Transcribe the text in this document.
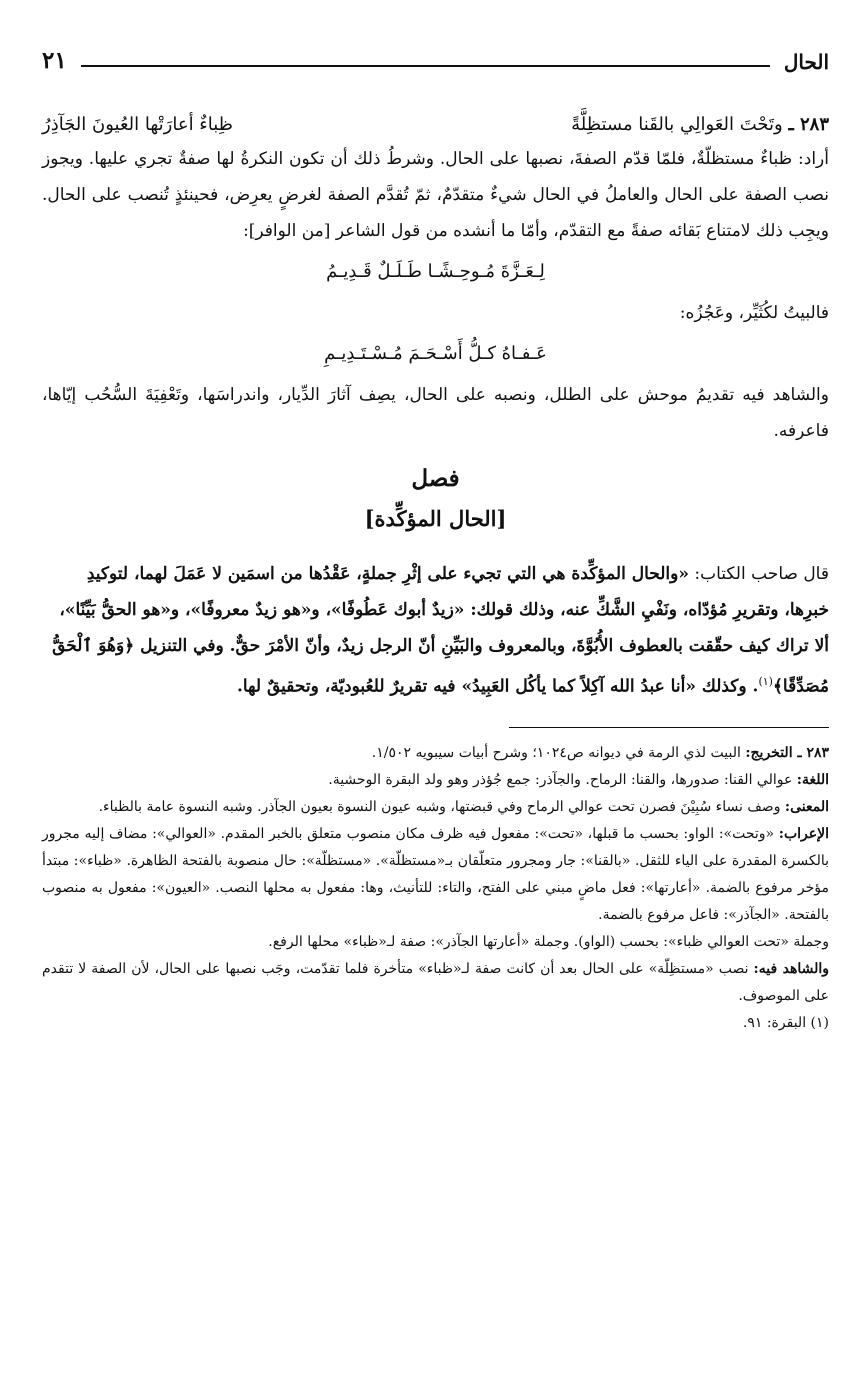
الحال
٢١
٢٨٣ ـ وتَحْتَ العَوالِي بالقَنا مستظِلَّةً
ظِباءٌ أعارَتْها العُيونَ الجَآذِرُ

أراد: ظباءٌ مستظلّةٌ، فلمّا قدّم الصفةَ، نصبها على الحال. وشرطُ ذلك أن تكون النكرةُ لها صفةٌ تجري عليها. ويجوز نصب الصفة على الحال والعاملُ في الحال شيءٌ متقدّمٌ، ثمّ تُقدَّم الصفة لغرضٍ يعرِض، فحينئذٍ تُنصب على الحال. ويجِب ذلك لامتناع بَقائه صفةً مع التقدّم، وأمّا ما أنشده من قول الشاعر [من الوافر]:

لِـعَـزَّةَ مُـوحِـشًـا طَـلَـلٌ قَـدِيـمُ

فالبيتُ لكُثَيِّر، وعَجُزُه:

عَـفـاهُ كـلُّ أَسْـحَـمَ مُـسْـتَـدِيـمِ

والشاهد فيه تقديمُ موحش على الطلل، ونصبه على الحال، يصِف آثارَ الدِّيار، واندراسَها، وتَعْفِيَةَ السُّحُب إيّاها، فاعرفه.

فصل
[الحال المؤكِّدة]

قال صاحب الكتاب: «والحال المؤكِّدة هي التي تجيء على إثْرِ جملةٍ، عَقْدُها من اسمَين لا عَمَلَ لهما، لتوكيدِ خبرِها، وتقريرِ مُؤدّاه، ونَفْيِ الشَّكِّ عنه، وذلك قولك: «زيدٌ أبوك عَطُوفًا»، و«هو زيدٌ معروفًا»، و«هو الحقُّ بَيِّنًا»، ألا تراك كيف حقّقت بالعطوف الأُبُوَّةَ، وبالمعروف والبَيِّنِ أنّ الرجل زيدٌ، وأنّ الأمْرَ حقٌّ. وفي التنزيل ﴿وَهُوَ ٱلْحَقُّ مُصَدِّقًا﴾$^{(١)}$. وكذلك «أنا عبدُ الله آكِلاً كما يأكُل العَبِيدُ» فيه تقريرٌ للعُبوديّة، وتحقيقٌ لها.

٢٨٣ ـ التخريج: البيت لذي الرمة في ديوانه ص١٠٢٤؛ وشرح أبيات سيبويه ١/٥٠٢.

اللغة: عوالي القنا: صدورها، والقنا: الرماح. والجآذر: جمع جُؤذر وهو ولد البقرة الوحشية.

المعنى: وصف نساء سُبِيْنَ فصرن تحت عوالي الرماح وفي قبضتها، وشبه عيون النسوة بعيون الجآذر. وشبه النسوة عامة بالظباء.

الإعراب: «وتحت»: الواو: بحسب ما قبلها، «تحت»: مفعول فيه ظرف مكان منصوب متعلق بالخبر المقدم. «العوالي»: مضاف إليه مجرور بالكسرة المقدرة على الياء للثقل. «بالقنا»: جار ومجرور متعلّقان بـ«مستظلّة». «مستظلّة»: حال منصوبة بالفتحة الظاهرة. «ظباء»: مبتدأ مؤخر مرفوع بالضمة. «أعارتها»: فعل ماضٍ مبني على الفتح، والتاء: للتأنيث، وها: مفعول به محلها النصب. «العيون»: مفعول به منصوب بالفتحة. «الجآذر»: فاعل مرفوع بالضمة.

وجملة «تحت العوالي ظباء»: بحسب (الواو). وجملة «أعارتها الجآذر»: صفة لـ«ظباء» محلها الرفع.

والشاهد فيه: نصب «مستظِلّة» على الحال بعد أن كانت صفة لـ«ظباء» متأخرة فلما تقدّمت، وجَب نصبها على الحال، لأن الصفة لا تتقدم على الموصوف.

(١) البقرة: ٩١.
